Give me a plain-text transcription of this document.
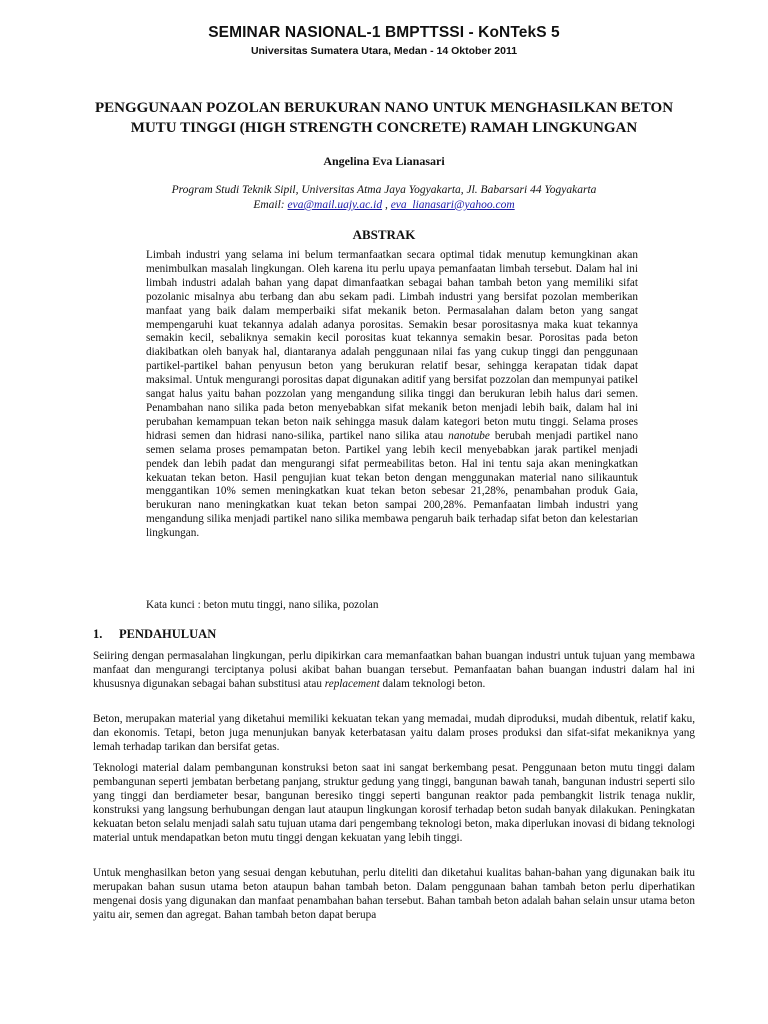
SEMINAR NASIONAL-1 BMPTTSSI - KoNTekS 5
Universitas Sumatera Utara, Medan - 14 Oktober 2011
PENGGUNAAN POZOLAN BERUKURAN NANO UNTUK MENGHASILKAN BETON
MUTU TINGGI (HIGH STRENGTH CONCRETE) RAMAH LINGKUNGAN
Angelina Eva Lianasari
Program Studi Teknik Sipil, Universitas Atma Jaya Yogyakarta, Jl. Babarsari 44 Yogyakarta
Email: eva@mail.uajy.ac.id , eva_lianasari@yahoo.com
ABSTRAK
Limbah industri yang selama ini belum termanfaatkan secara optimal tidak menutup kemungkinan akan menimbulkan masalah lingkungan. Oleh karena itu perlu upaya pemanfaatan limbah tersebut. Dalam hal ini limbah industri adalah bahan yang dapat dimanfaatkan sebagai bahan tambah beton yang memiliki sifat pozolanic misalnya abu terbang dan abu sekam padi. Limbah industri yang bersifat pozolan memberikan manfaat yang baik dalam memperbaiki sifat mekanik beton. Permasalahan dalam beton yang sangat mempengaruhi kuat tekannya adalah adanya porositas. Semakin besar porositasnya maka kuat tekannya semakin kecil, sebaliknya semakin kecil porositas kuat tekannya semakin besar. Porositas pada beton diakibatkan oleh banyak hal, diantaranya adalah penggunaan nilai fas yang cukup tinggi dan penggunaan partikel-partikel bahan penyusun beton yang berukuran relatif besar, sehingga kerapatan tidak dapat maksimal. Untuk mengurangi porositas dapat digunakan aditif yang bersifat pozzolan dan mempunyai patikel sangat halus yaitu bahan pozzolan yang mengandung silika tinggi dan berukuran lebih halus dari semen. Penambahan nano silika pada beton menyebabkan sifat mekanik beton menjadi lebih baik, dalam hal ini perubahan kemampuan tekan beton naik sehingga masuk dalam kategori beton mutu tinggi. Selama proses hidrasi semen dan hidrasi nano-silika, partikel nano silika atau nanotube berubah menjadi partikel nano semen selama proses pemampatan beton. Partikel yang lebih kecil menyebabkan jarak partikel menjadi pendek dan lebih padat dan mengurangi sifat permeabilitas beton. Hal ini tentu saja akan meningkatkan kekuatan tekan beton. Hasil pengujian kuat tekan beton dengan menggunakan material nano silikauntuk menggantikan 10% semen meningkatkan kuat tekan beton sebesar 21,28%, penambahan produk Gaia, berukuran nano meningkatkan kuat tekan beton sampai 200,28%. Pemanfaatan limbah industri yang mengandung silika menjadi partikel nano silika membawa pengaruh baik terhadap sifat beton dan kelestarian lingkungan.
Kata kunci : beton mutu tinggi, nano silika, pozolan
1. PENDAHULUAN
Seiiring dengan permasalahan lingkungan, perlu dipikirkan cara memanfaatkan bahan buangan industri untuk tujuan yang membawa manfaat dan mengurangi terciptanya polusi akibat bahan buangan tersebut. Pemanfaatan bahan buangan industri dalam hal ini khususnya digunakan sebagai bahan substitusi atau replacement dalam teknologi beton.
Beton, merupakan material yang diketahui memiliki kekuatan tekan yang memadai, mudah diproduksi, mudah dibentuk, relatif kaku, dan ekonomis. Tetapi, beton juga menunjukan banyak keterbatasan yaitu dalam proses produksi dan sifat-sifat mekaniknya yang lemah terhadap tarikan dan bersifat getas.
Teknologi material dalam pembangunan konstruksi beton saat ini sangat berkembang pesat. Penggunaan beton mutu tinggi dalam pembangunan seperti jembatan berbetang panjang, struktur gedung yang tinggi, bangunan bawah tanah, bangunan industri seperti silo yang tinggi dan berdiameter besar, bangunan beresiko tinggi seperti bangunan reaktor pada pembangkit listrik tenaga nuklir, konstruksi yang langsung berhubungan dengan laut ataupun lingkungan korosif terhadap beton sudah banyak dilakukan. Peningkatan kekuatan beton selalu menjadi salah satu tujuan utama dari pengembang teknologi beton, maka diperlukan inovasi di bidang teknologi material untuk mendapatkan beton mutu tinggi dengan kekuatan yang lebih tinggi.
Untuk menghasilkan beton yang sesuai dengan kebutuhan, perlu diteliti dan diketahui kualitas bahan-bahan yang digunakan baik itu merupakan bahan susun utama beton ataupun bahan tambah beton. Dalam penggunaan bahan tambah beton perlu diperhatikan mengenai dosis yang digunakan dan manfaat penambahan bahan tersebut. Bahan tambah beton adalah bahan selain unsur utama beton yaitu air, semen dan agregat. Bahan tambah beton dapat berupa
